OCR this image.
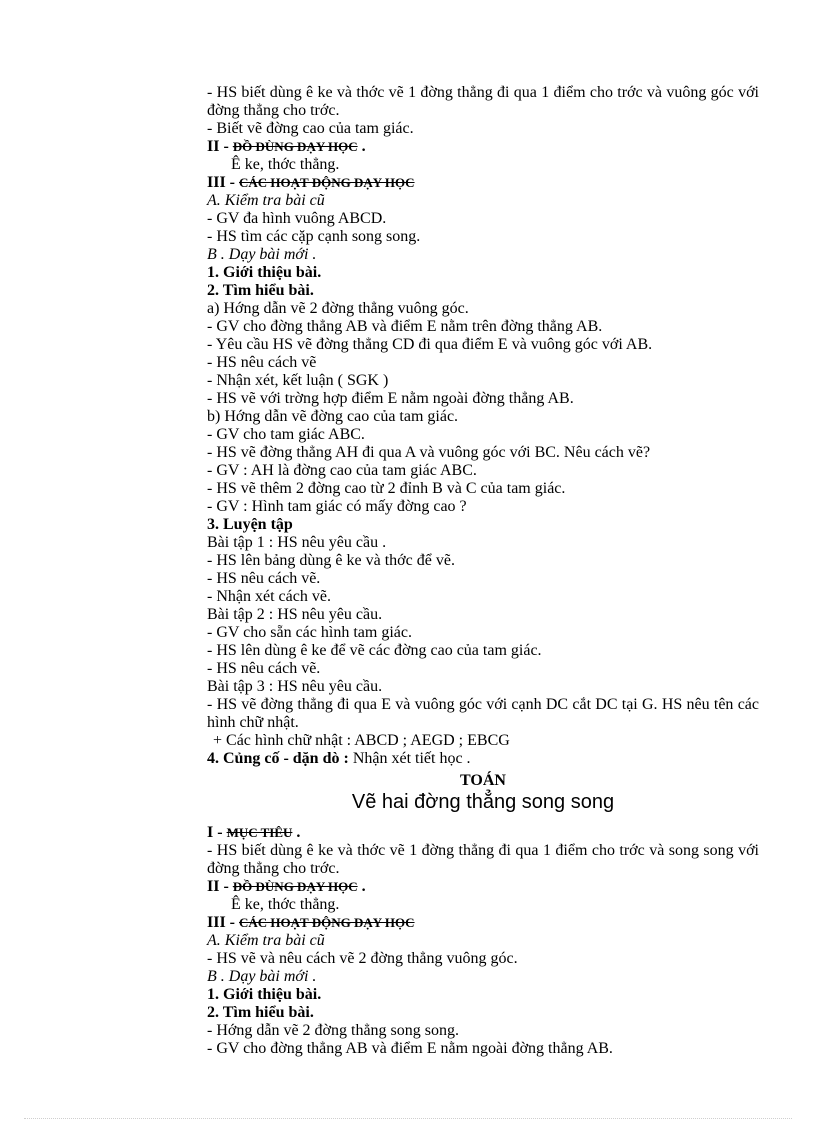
- HS biết dùng ê ke và thớc vẽ 1 đờng thẳng đi qua 1 điểm cho trớc và vuông góc với đờng thẳng cho trớc.
- Biết vẽ đờng cao của tam giác.
II - ĐỒ DÙNG DẠY HỌC .
Ê ke, thớc thẳng.
III - CÁC HOẠT ĐỘNG DẠY HỌC
A. Kiểm tra bài cũ
- GV đa hình vuông ABCD.
- HS tìm các cặp cạnh song song.
B . Dạy bài mới .
1. Giới thiệu bài.
2. Tìm hiểu bài.
a) Hớng dẫn vẽ 2 đờng thẳng vuông góc.
- GV cho đờng thẳng AB và điểm E nằm trên đờng thẳng AB.
- Yêu cầu HS vẽ đờng thẳng CD đi qua điểm E và vuông góc với AB.
- HS nêu cách vẽ
- Nhận xét, kết luận ( SGK )
- HS vẽ với trờng hợp điểm E nằm ngoài đờng thẳng AB.
b) Hớng dẫn vẽ đờng cao của tam giác.
- GV cho tam giác ABC.
- HS vẽ đờng thẳng AH đi qua A và vuông góc với BC. Nêu cách vẽ?
- GV : AH là đờng cao của tam giác ABC.
- HS vẽ thêm 2 đờng cao từ 2 đỉnh B và C của tam giác.
- GV : Hình tam giác có mấy đờng cao ?
3. Luyện tập
Bài tập 1 : HS nêu yêu cầu .
- HS lên bảng dùng ê ke và thớc để vẽ.
- HS nêu cách vẽ.
- Nhận xét cách vẽ.
Bài tập 2 : HS nêu yêu cầu.
- GV cho sẵn các hình tam giác.
- HS lên dùng ê ke để vẽ các đờng cao của tam giác.
- HS nêu cách vẽ.
Bài tập 3 : HS nêu yêu cầu.
- HS vẽ đờng thẳng đi qua E và vuông góc với cạnh DC cắt DC tại G. HS nêu tên các hình chữ nhật.
+ Các hình chữ nhật : ABCD ; AEGD ; EBCG
4. Củng cố - dặn dò : Nhận xét tiết học .
TOÁN
Vẽ hai đờng thẳng song song
I - MỤC TIÊU .
- HS biết dùng ê ke và thớc vẽ 1 đờng thẳng đi qua 1 điểm cho trớc và song song với đờng thẳng cho trớc.
II - ĐỒ DÙNG DẠY HỌC .
Ê ke, thớc thẳng.
III - CÁC HOẠT ĐỘNG DẠY HỌC
A. Kiểm tra bài cũ
- HS vẽ và nêu cách vẽ 2 đờng thẳng vuông góc.
B . Dạy bài mới .
1. Giới thiệu bài.
2. Tìm hiểu bài.
- Hớng dẫn vẽ 2 đờng thẳng song song.
- GV cho đờng thẳng AB và điểm E nằm ngoài đờng thẳng AB.
